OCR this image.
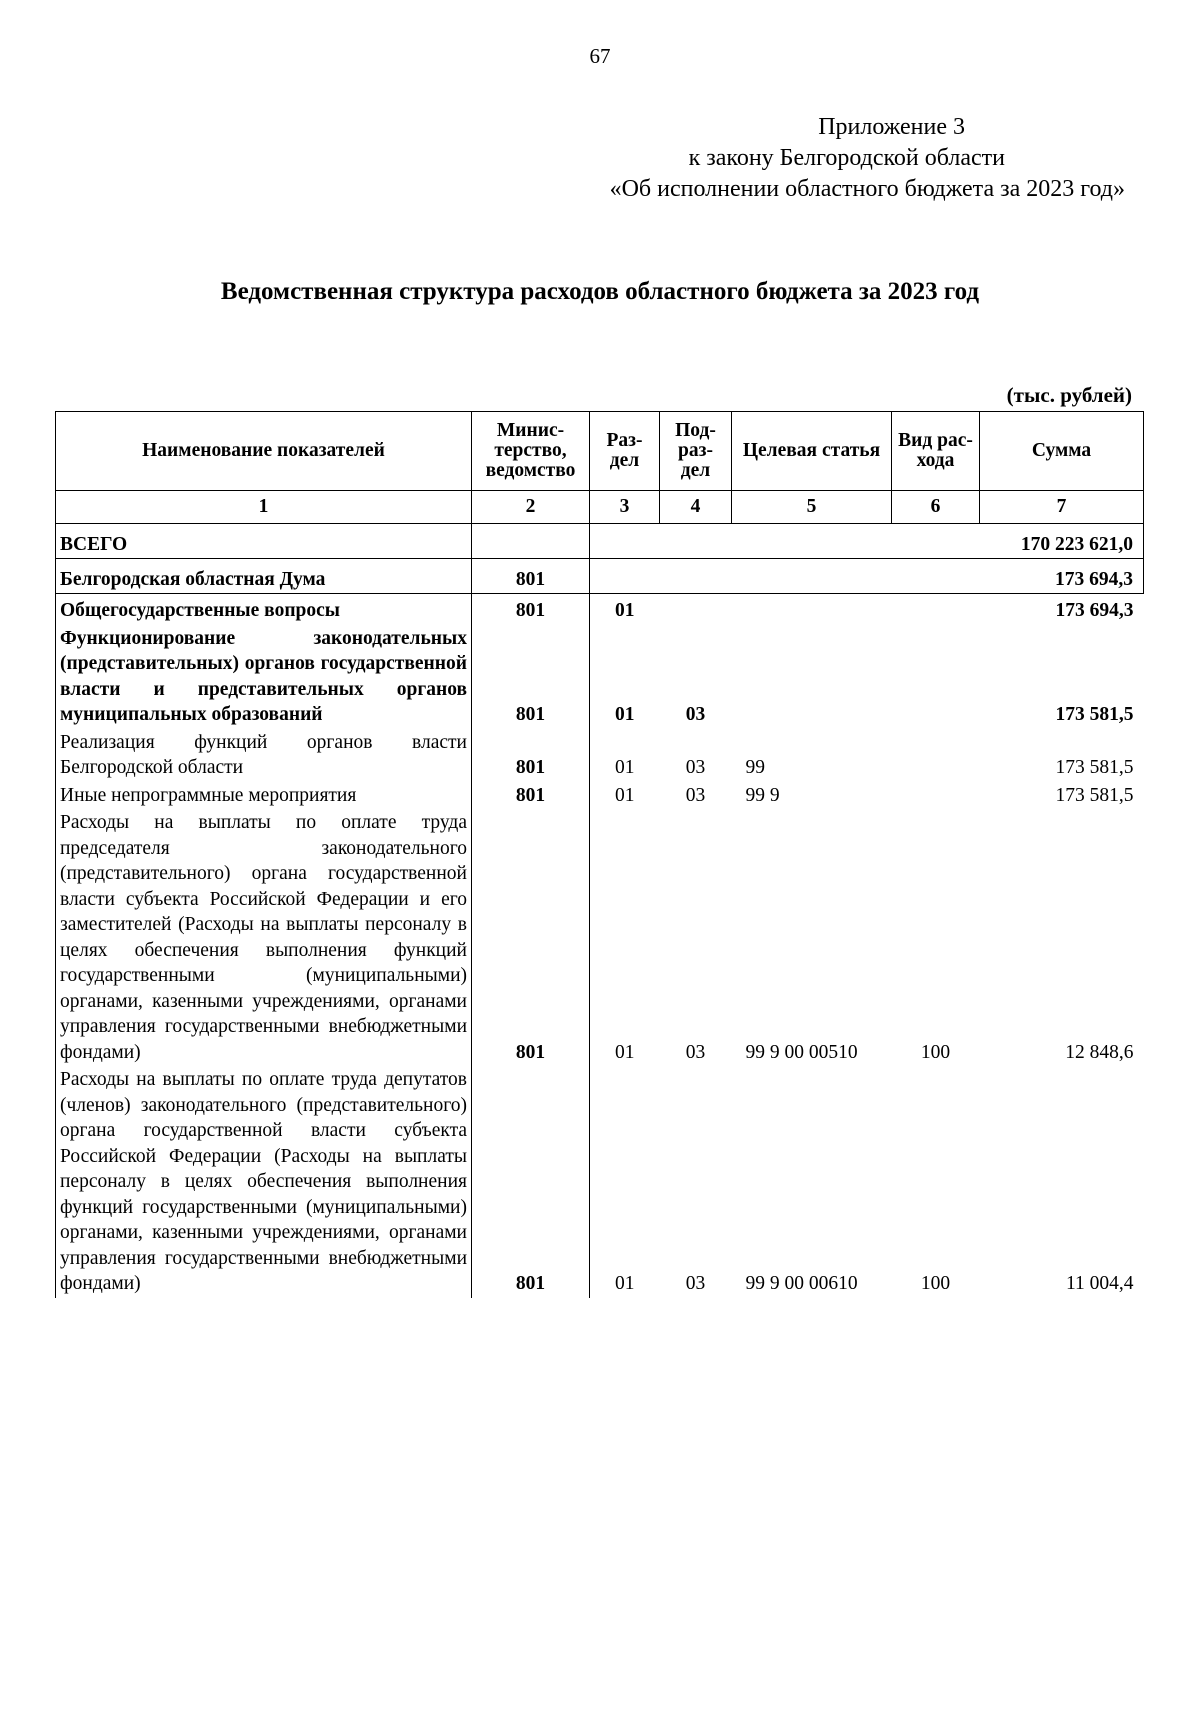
67
Приложение 3
к закону Белгородской области
«Об исполнении областного бюджета за 2023 год»
Ведомственная структура расходов областного бюджета за 2023 год
(тыс. рублей)
Наименование показателей	Минис-терство, ведомство	Раз-дел	Под-раз-дел	Целевая статья	Вид рас-хода	Сумма
1	2	3	4	5	6	7
ВСЕГО		170 223 621,0				
Белгородская областная Дума	801	173 694,3				
Общегосударственные вопросы	801	01				173 694,3

Функционирование законодательных (представительных) органов государственной власти и представительных органов муниципальных образований	801	01	03			173 581,5

Реализация функций органов власти Белгородской области	801	01	03	99		173 581,5
Иные непрограммные мероприятия	801	01	03	99 9		173 581,5

Расходы на выплаты по оплате труда председателя законодательного (представительного) органа государственной власти субъекта Российской Федерации и его заместителей (Расходы на выплаты персоналу в целях обеспечения выполнения функций государственными (муниципальными) органами, казенными учреждениями, органами управления государственными внебюджетными фондами)	801	01	03	99 9 00 00510	100	12 848,6

Расходы на выплаты по оплате труда депутатов (членов) законодательного (представительного) органа государственной власти субъекта Российской Федерации (Расходы на выплаты персоналу в целях обеспечения выполнения функций государственными (муниципальными) органами, казенными учреждениями, органами управления государственными внебюджетными фондами)	801	01	03	99 9 00 00610	100	11 004,4
